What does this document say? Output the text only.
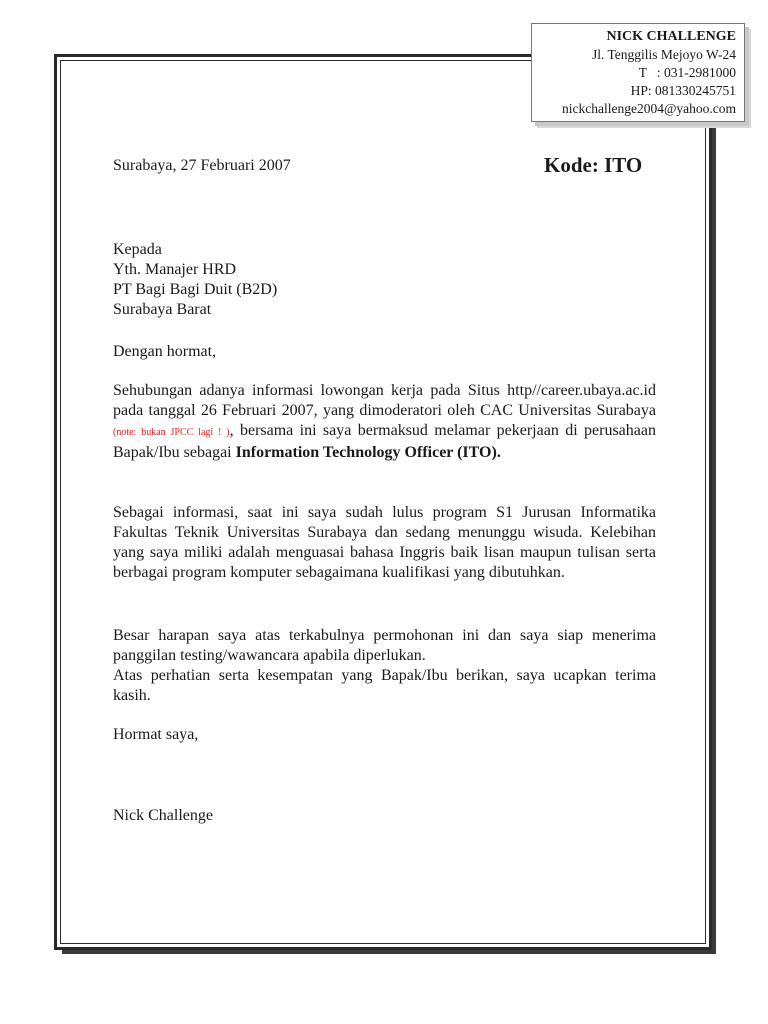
NICK CHALLENGE
Jl. Tenggilis Mejoyo W-24
T   : 031-2981000
HP: 081330245751
nickchallenge2004@yahoo.com
Surabaya, 27 Februari 2007	Kode: ITO
Kepada
Yth. Manajer HRD
PT Bagi Bagi Duit (B2D)
Surabaya Barat
Dengan hormat,

Sehubungan adanya informasi lowongan kerja pada Situs http//career.ubaya.ac.id pada tanggal 26 Februari 2007, yang dimoderatori oleh CAC Universitas Surabaya (note: bukan JPCC lagi ! ), bersama ini saya bermaksud melamar pekerjaan di perusahaan Bapak/Ibu sebagai Information Technology Officer (ITO).

Sebagai informasi, saat ini saya sudah lulus program S1 Jurusan Informatika Fakultas Teknik Universitas Surabaya dan sedang menunggu wisuda. Kelebihan yang saya miliki adalah menguasai bahasa Inggris baik lisan maupun tulisan serta berbagai program komputer sebagaimana kualifikasi yang dibutuhkan.

Besar harapan saya atas terkabulnya permohonan ini dan saya siap menerima panggilan testing/wawancara apabila diperlukan.

Atas perhatian serta kesempatan yang Bapak/Ibu berikan, saya ucapkan terima kasih.

Hormat saya,
Nick Challenge
